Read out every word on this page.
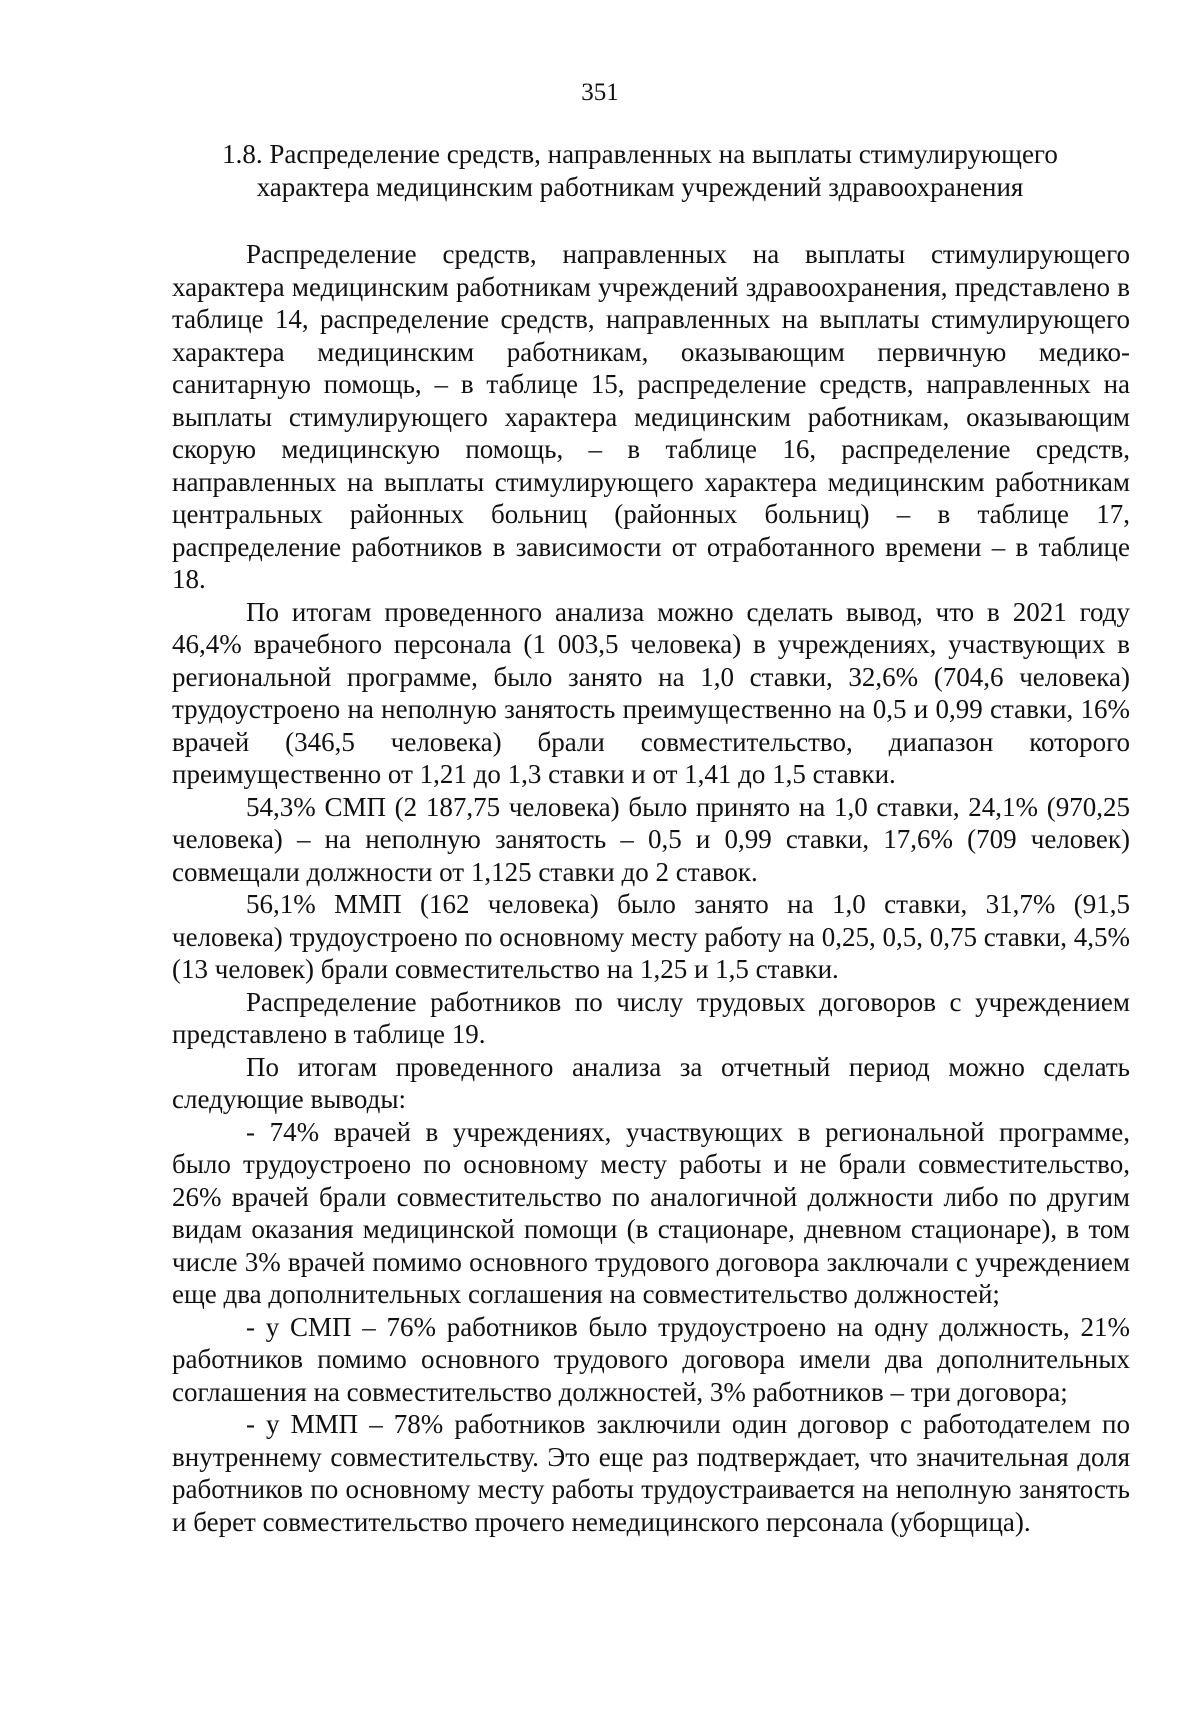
351
1.8. Распределение средств, направленных на выплаты стимулирующего
характера медицинским работникам учреждений здравоохранения

Распределение средств, направленных на выплаты стимулирующего характера медицинским работникам учреждений здравоохранения, представлено в таблице 14, распределение средств, направленных на выплаты стимулирующего характера медицинским работникам, оказывающим первичную медико-санитарную помощь, – в таблице 15, распределение средств, направленных на выплаты стимулирующего характера медицинским работникам, оказывающим скорую медицинскую помощь, – в таблице 16, распределение средств, направленных на выплаты стимулирующего характера медицинским работникам центральных районных больниц (районных больниц) – в таблице 17, распределение работников в зависимости от отработанного времени – в таблице 18.

По итогам проведенного анализа можно сделать вывод, что в 2021 году 46,4% врачебного персонала (1 003,5 человека) в учреждениях, участвующих в региональной программе, было занято на 1,0 ставки, 32,6% (704,6 человека) трудоустроено на неполную занятость преимущественно на 0,5 и 0,99 ставки, 16% врачей (346,5 человека) брали совместительство, диапазон которого преимущественно от 1,21 до 1,3 ставки и от 1,41 до 1,5 ставки.

54,3% СМП (2 187,75 человека) было принято на 1,0 ставки, 24,1% (970,25 человека) – на неполную занятость – 0,5 и 0,99 ставки, 17,6% (709 человек) совмещали должности от 1,125 ставки до 2 ставок.

56,1% ММП (162 человека) было занято на 1,0 ставки, 31,7% (91,5 человека) трудоустроено по основному месту работу на 0,25, 0,5, 0,75 ставки, 4,5% (13 человек) брали совместительство на 1,25 и 1,5 ставки.

Распределение работников по числу трудовых договоров с учреждением представлено в таблице 19.

По итогам проведенного анализа за отчетный период можно сделать следующие выводы:

- 74% врачей в учреждениях, участвующих в региональной программе, было трудоустроено по основному месту работы и не брали совместительство, 26% врачей брали совместительство по аналогичной должности либо по другим видам оказания медицинской помощи (в стационаре, дневном стационаре), в том числе 3% врачей помимо основного трудового договора заключали с учреждением еще два дополнительных соглашения на совместительство должностей;

- у СМП – 76% работников было трудоустроено на одну должность, 21% работников помимо основного трудового договора имели два дополнительных соглашения на совместительство должностей, 3% работников – три договора;

- у ММП – 78% работников заключили один договор с работодателем по внутреннему совместительству. Это еще раз подтверждает, что значительная доля работников по основному месту работы трудоустраивается на неполную занятость и берет совместительство прочего немедицинского персонала (уборщица).
